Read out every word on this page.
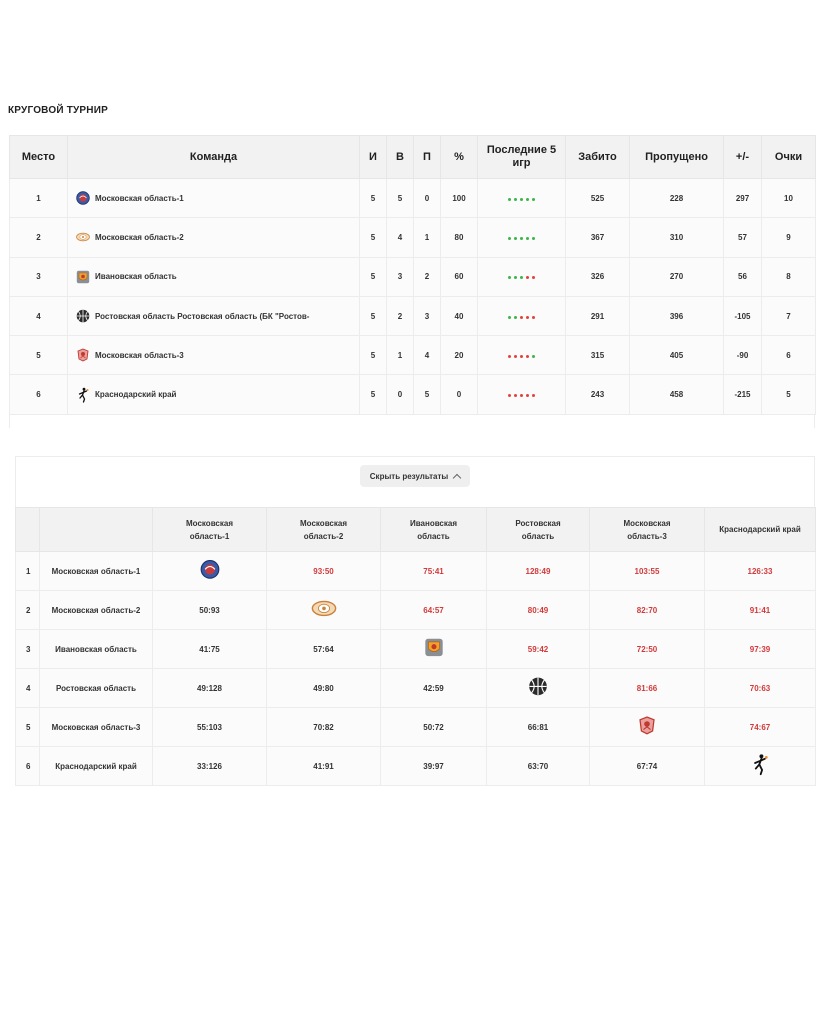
КРУГОВОЙ ТУРНИР
Место	Команда	И	В	П	%	Последние 5 игр	Забито	Пропущено	+/-	Очки
1	Московская область-1	5	5	0	100		525	228	297	10
2	Московская область-2	5	4	1	80		367	310	57	9
3	Ивановская область	5	3	2	60		326	270	56	8
4	Ростовская область Ростовская область (БК "Ростов-	5	2	3	40		291	396	-105	7
5	Московская область-3	5	1	4	20		315	405	-90	6
6	Краснодарский край	5	0	5	0		243	458	-215	5
Скрыть результаты

		Московская область-1	Московская область-2	Ивановская область	Ростовская область	Московская область-3	Краснодарский край

1	Московская область-1		93:50	75:41	128:49	103:55	126:33
2	Московская область-2	50:93		64:57	80:49	82:70	91:41
3	Ивановская область	41:75	57:64		59:42	72:50	97:39
4	Ростовская область	49:128	49:80	42:59		81:66	70:63
5	Московская область-3	55:103	70:82	50:72	66:81		74:67
6	Краснодарский край	33:126	41:91	39:97	63:70	67:74	
